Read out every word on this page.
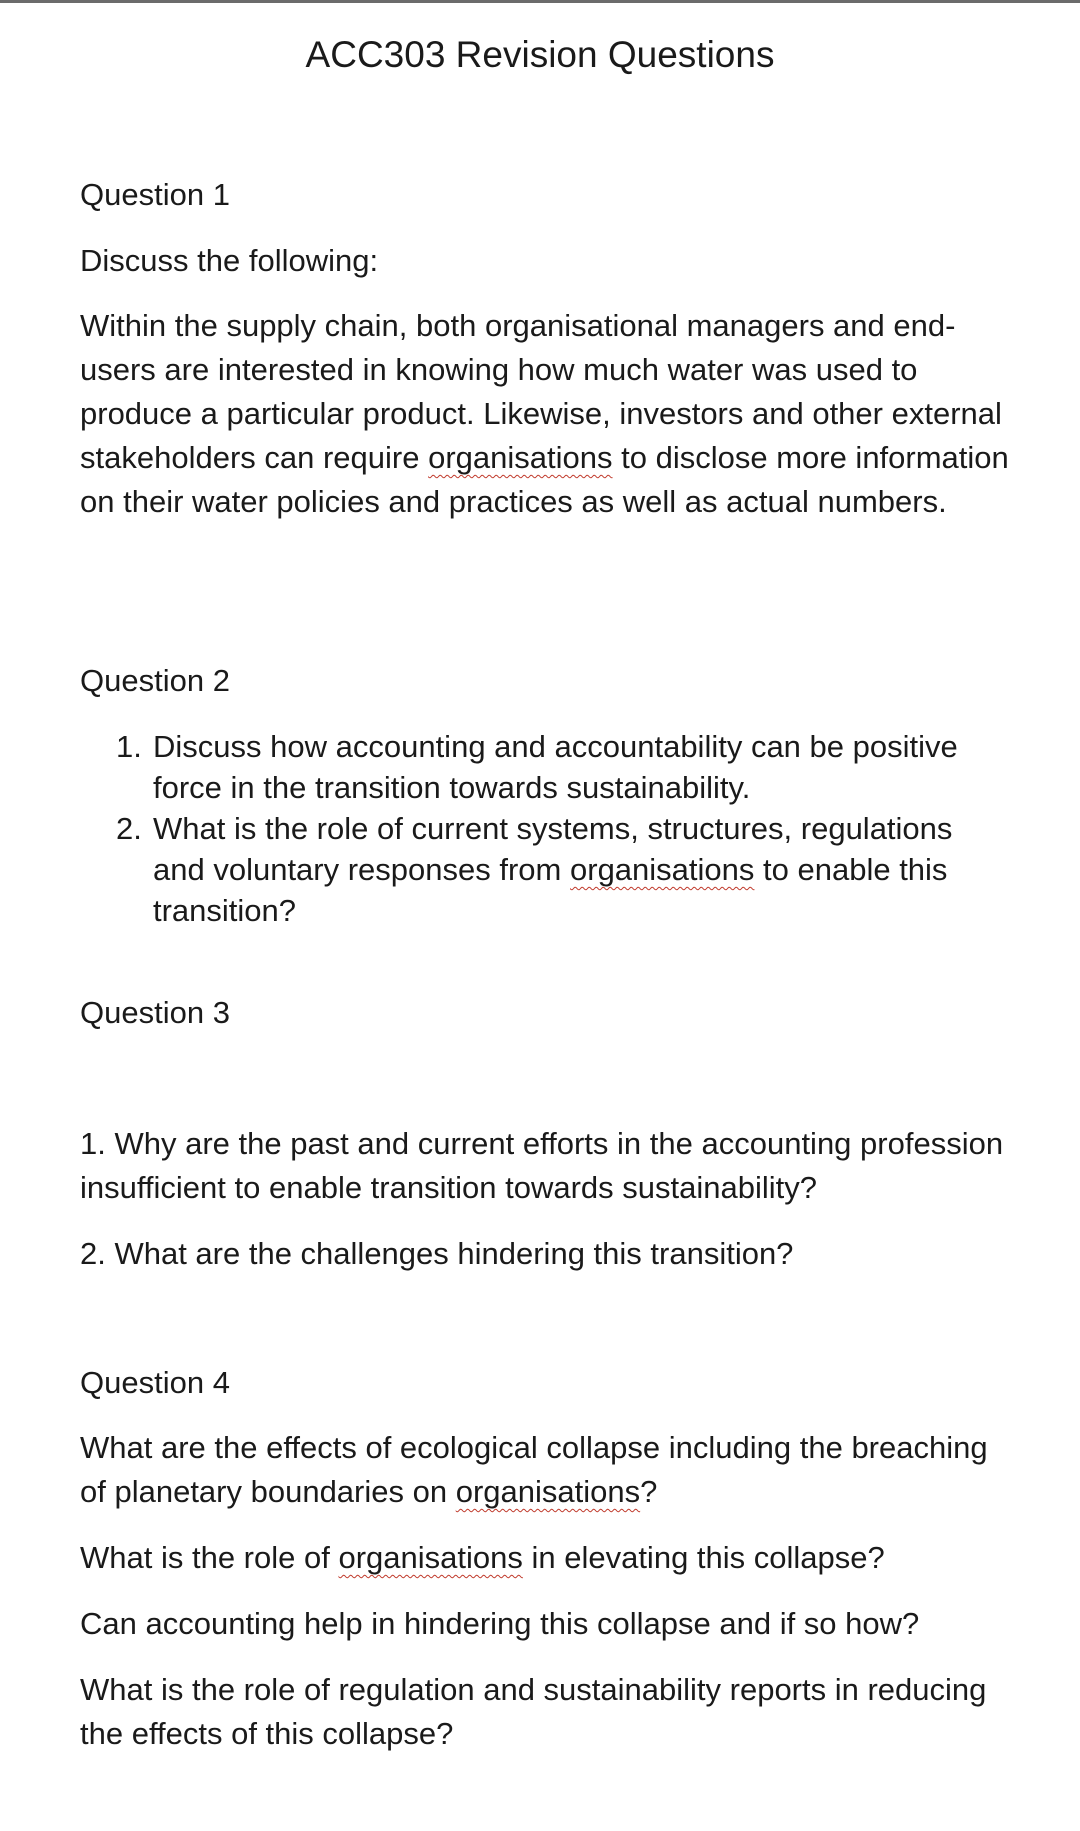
ACC303 Revision Questions
Question 1
Discuss the following:

Within the supply chain, both organisational managers and end-users are interested in knowing how much water was used to produce a particular product. Likewise, investors and other external stakeholders can require organisations to disclose more information on their water policies and practices as well as actual numbers.

Question 2
1. Discuss how accounting and accountability can be positive force in the transition towards sustainability.
2. What is the role of current systems, structures, regulations and voluntary responses from organisations to enable this transition?
Question 3

1. Why are the past and current efforts in the accounting profession insufficient to enable transition towards sustainability?

2. What are the challenges hindering this transition?

Question 4

What are the effects of ecological collapse including the breaching of planetary boundaries on organisations?

What is the role of organisations in elevating this collapse?

Can accounting help in hindering this collapse and if so how?

What is the role of regulation and sustainability reports in reducing the effects of this collapse?
